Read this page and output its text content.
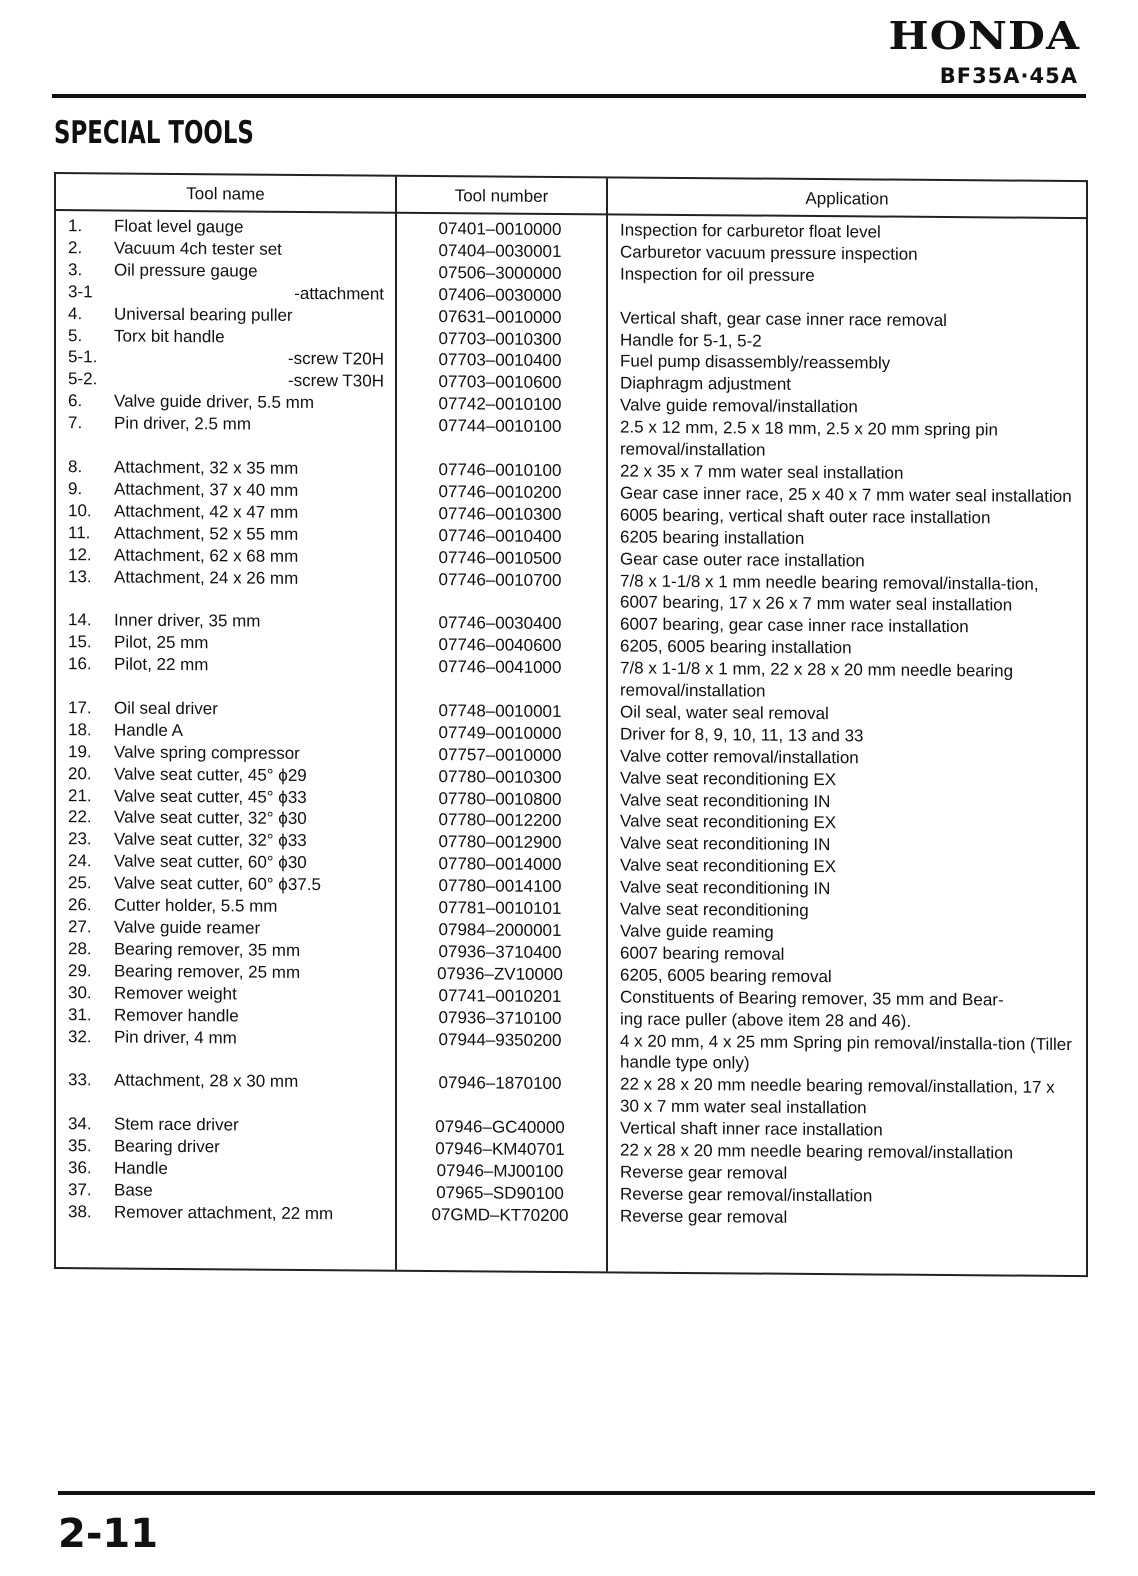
HONDA
BF35A·45A
SPECIAL TOOLS
Tool name	Tool number	Application
1.	Float level gauge	07401–0010000	Inspection for carburetor float level
2.	Vacuum 4ch tester set	07404–0030001	Carburetor vacuum pressure inspection
3.	Oil pressure gauge	07506–3000000	Inspection for oil pressure
3-1	-attachment	07406–0030000
4.	Universal bearing puller	07631–0010000	Vertical shaft, gear case inner race removal
5.	Torx bit handle	07703–0010300	Handle for 5-1, 5-2
5-1.	-screw T20H	07703–0010400	Fuel pump disassembly/reassembly
5-2.	-screw T30H	07703–0010600	Diaphragm adjustment
6.	Valve guide driver, 5.5 mm	07742–0010100	Valve guide removal/installation
7.	Pin driver, 2.5 mm	07744–0010100	2.5 x 12 mm, 2.5 x 18 mm, 2.5 x 20 mm spring pin removal/installation
8.	Attachment, 32 x 35 mm	07746–0010100	22 x 35 x 7 mm water seal installation
9.	Attachment, 37 x 40 mm	07746–0010200	Gear case inner race, 25 x 40 x 7 mm water seal installation
10.	Attachment, 42 x 47 mm	07746–0010300	6005 bearing, vertical shaft outer race installation
11.	Attachment, 52 x 55 mm	07746–0010400	6205 bearing installation
12.	Attachment, 62 x 68 mm	07746–0010500	Gear case outer race installation
13.	Attachment, 24 x 26 mm	07746–0010700	7/8 x 1-1/8 x 1 mm needle bearing removal/installa-tion, 6007 bearing, 17 x 26 x 7 mm water seal installation
14.	Inner driver, 35 mm	07746–0030400	6007 bearing, gear case inner race installation
15.	Pilot, 25 mm	07746–0040600	6205, 6005 bearing installation
16.	Pilot, 22 mm	07746–0041000	7/8 x 1-1/8 x 1 mm, 22 x 28 x 20 mm needle bearing removal/installation
17.	Oil seal driver	07748–0010001	Oil seal, water seal removal
18.	Handle A	07749–0010000	Driver for 8, 9, 10, 11, 13 and 33
19.	Valve spring compressor	07757–0010000	Valve cotter removal/installation
20.	Valve seat cutter, 45° ϕ29	07780–0010300	Valve seat reconditioning EX
21.	Valve seat cutter, 45° ϕ33	07780–0010800	Valve seat reconditioning IN
22.	Valve seat cutter, 32° ϕ30	07780–0012200	Valve seat reconditioning EX
23.	Valve seat cutter, 32° ϕ33	07780–0012900	Valve seat reconditioning IN
24.	Valve seat cutter, 60° ϕ30	07780–0014000	Valve seat reconditioning EX
25.	Valve seat cutter, 60° ϕ37.5	07780–0014100	Valve seat reconditioning IN
26.	Cutter holder, 5.5 mm	07781–0010101	Valve seat reconditioning
27.	Valve guide reamer	07984–2000001	Valve guide reaming
28.	Bearing remover, 35 mm	07936–3710400	6007 bearing removal
29.	Bearing remover, 25 mm	07936–ZV10000	6205, 6005 bearing removal
30.	Remover weight	07741–0010201	Constituents of Bearing remover, 35 mm and Bear-
31.	Remover handle	07936–3710100	ing race puller (above item 28 and 46).
32.	Pin driver, 4 mm	07944–9350200	4 x 20 mm, 4 x 25 mm Spring pin removal/installa-tion (Tiller handle type only)
33.	Attachment, 28 x 30 mm	07946–1870100	22 x 28 x 20 mm needle bearing removal/installation, 17 x 30 x 7 mm water seal installation
34.	Stem race driver	07946–GC40000	Vertical shaft inner race installation
35.	Bearing driver	07946–KM40701	22 x 28 x 20 mm needle bearing removal/installation
36.	Handle	07946–MJ00100	Reverse gear removal
37.	Base	07965–SD90100	Reverse gear removal/installation
38.	Remover attachment, 22 mm	07GMD–KT70200	Reverse gear removal
2-11
